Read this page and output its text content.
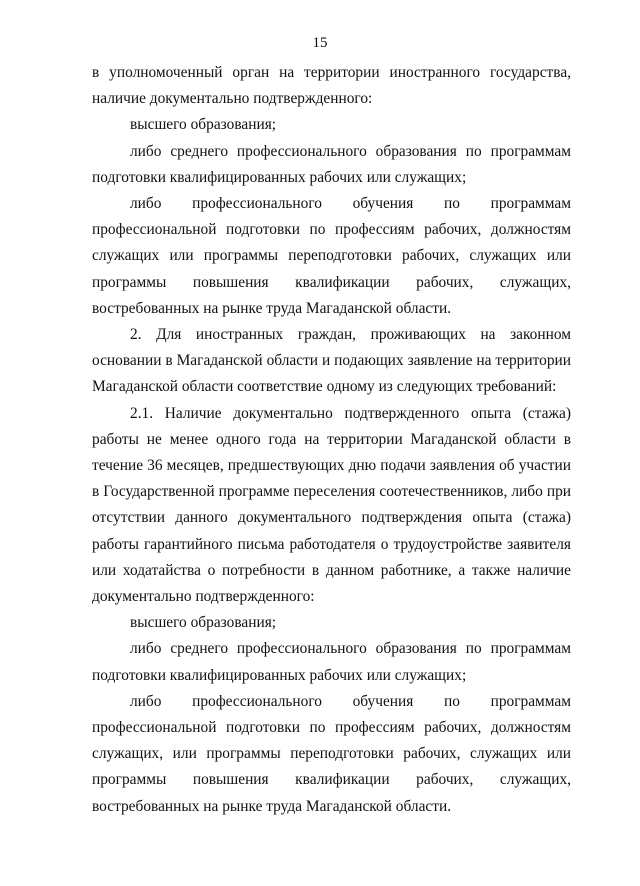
15

в уполномоченный орган на территории иностранного государства, наличие документально подтвержденного:

высшего образования;

либо среднего профессионального образования по программам подготовки квалифицированных рабочих или служащих;

либо профессионального обучения по программам профессиональной подготовки по профессиям рабочих, должностям служащих или программы переподготовки рабочих, служащих или программы повышения квалификации рабочих, служащих, востребованных на рынке труда Магаданской области.

2. Для иностранных граждан, проживающих на законном основании в Магаданской области и подающих заявление на территории Магаданской области соответствие одному из следующих требований:

2.1. Наличие документально подтвержденного опыта (стажа) работы не менее одного года на территории Магаданской области в течение 36 месяцев, предшествующих дню подачи заявления об участии в Государственной программе переселения соотечественников, либо при отсутствии данного документального подтверждения опыта (стажа) работы гарантийного письма работодателя о трудоустройстве заявителя или ходатайства о потребности в данном работнике, а также наличие документально подтвержденного:

высшего образования;

либо среднего профессионального образования по программам подготовки квалифицированных рабочих или служащих;

либо профессионального обучения по программам профессиональной подготовки по профессиям рабочих, должностям служащих, или программы переподготовки рабочих, служащих или программы повышения квалификации рабочих, служащих, востребованных на рынке труда Магаданской области.
